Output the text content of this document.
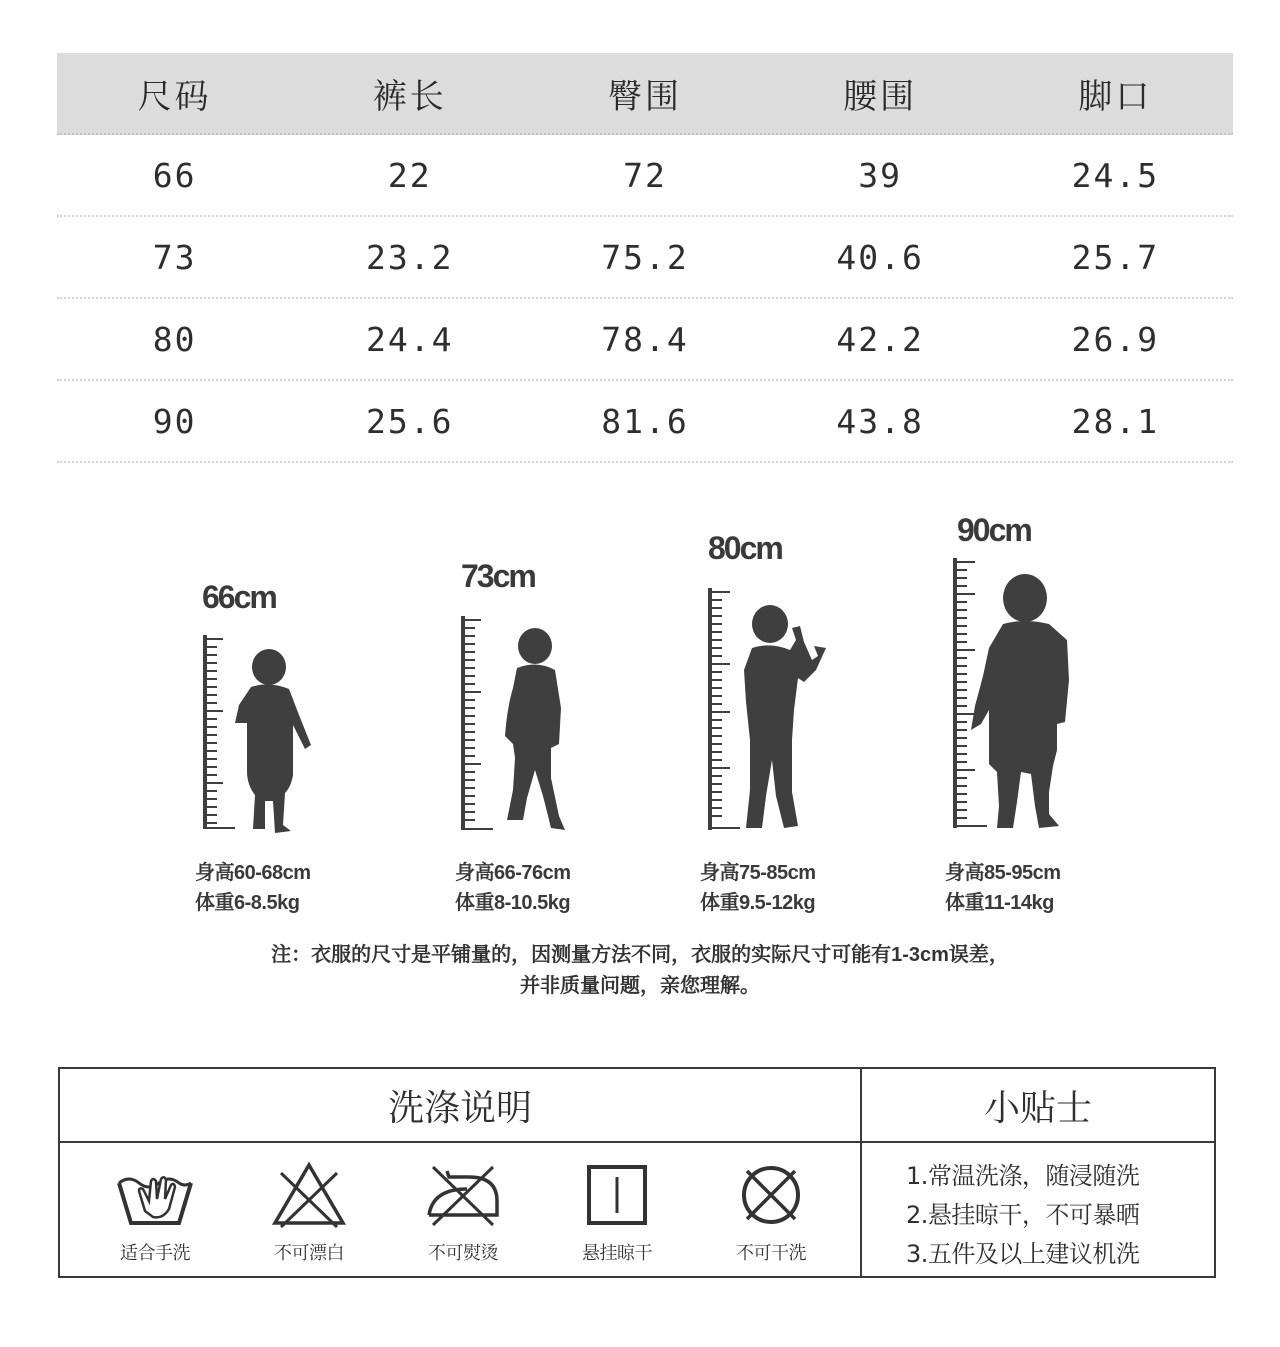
尺码	裤长	臀围	腰围	脚口
66	22	72	39	24.5
73	23.2	75.2	40.6	25.7
80	24.4	78.4	42.2	26.9
90	25.6	81.6	43.8	28.1
66cm
身高60-68cm
体重6-8.5kg
73cm
身高66-76cm
体重8-10.5kg
80cm
身高75-85cm
体重9.5-12kg
90cm
身高85-95cm
体重11-14kg
注：衣服的尺寸是平铺量的，因测量方法不同，衣服的实际尺寸可能有1-3cm误差，
并非质量问题，亲您理解。
洗涤说明
适合手洗	不可漂白	不可熨烫	悬挂晾干	不可干洗
小贴士
1.常温洗涤，随浸随洗
2.悬挂晾干，不可暴晒
3.五件及以上建议机洗
